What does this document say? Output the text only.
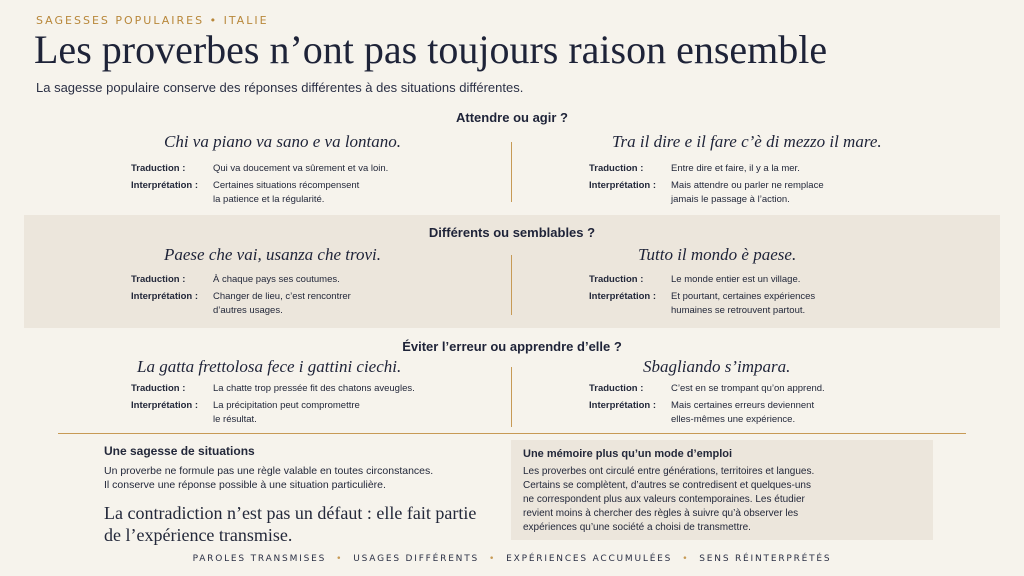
SAGESSES POPULAIRES • ITALIE
Les proverbes n’ont pas toujours raison ensemble
La sagesse populaire conserve des réponses différentes à des situations différentes.
Attendre ou agir ?
Chi va piano va sano e va lontano.
Traduction :	Qui va doucement va sûrement et va loin.
Interprétation : Certaines situations récompensent
la patience et la régularité.
Tra il dire e il fare c’è di mezzo il mare.
Traduction :	Entre dire et faire, il y a la mer.
Interprétation : Mais attendre ou parler ne remplace
jamais le passage à l’action.
Différents ou semblables ?
Paese che vai, usanza che trovi.
Traduction :	À chaque pays ses coutumes.
Interprétation : Changer de lieu, c’est rencontrer
d’autres usages.
Tutto il mondo è paese.
Traduction :	Le monde entier est un village.
Interprétation : Et pourtant, certaines expériences
humaines se retrouvent partout.
Éviter l’erreur ou apprendre d’elle ?
La gatta frettolosa fece i gattini ciechi.
Traduction :	La chatte trop pressée fit des chatons aveugles.
Interprétation : La précipitation peut compromettre
le résultat.
Sbagliando s’impara.
Traduction :	C’est en se trompant qu’on apprend.
Interprétation : Mais certaines erreurs deviennent
elles-mêmes une expérience.
Une sagesse de situations
Un proverbe ne formule pas une règle valable en toutes circonstances.
Il conserve une réponse possible à une situation particulière.
La contradiction n’est pas un défaut : elle fait partie
de l’expérience transmise.
Une mémoire plus qu’un mode d’emploi
Les proverbes ont circulé entre générations, territoires et langues.
Certains se complètent, d’autres se contredisent et quelques-uns
ne correspondent plus aux valeurs contemporaines. Les étudier
revient moins à chercher des règles à suivre qu’à observer les
expériences qu’une société a choisi de transmettre.
PAROLES TRANSMISES • USAGES DIFFÉRENTS • EXPÉRIENCES ACCUMULÉES • SENS RÉINTERPRÉTÉS
